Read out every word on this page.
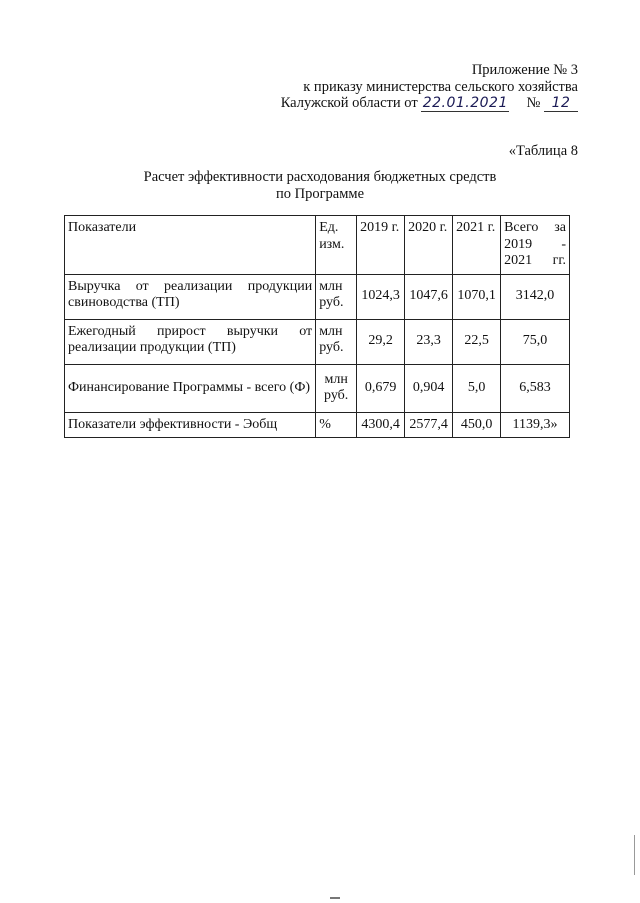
Приложение № 3
к приказу министерства сельского хозяйства
Калужской области от 22.01.2021 № 12
«Таблица 8
Расчет эффективности расходования бюджетных средств
по Программе
Показатели	Ед. изм.	2019 г.	2020 г.	2021 г.	Всего за 2019 - 2021 гг.
Выручка от реализации продукции свиноводства (ТП)	млн руб.	1024,3	1047,6	1070,1	3142,0
Ежегодный прирост выручки от реализации продукции (ТП)	млн руб.	29,2	23,3	22,5	75,0
Финансирование Программы - всего (Ф)	млн руб.	0,679	0,904	5,0	6,583
Показатели эффективности - Эобщ	%	4300,4	2577,4	450,0	1139,3»
